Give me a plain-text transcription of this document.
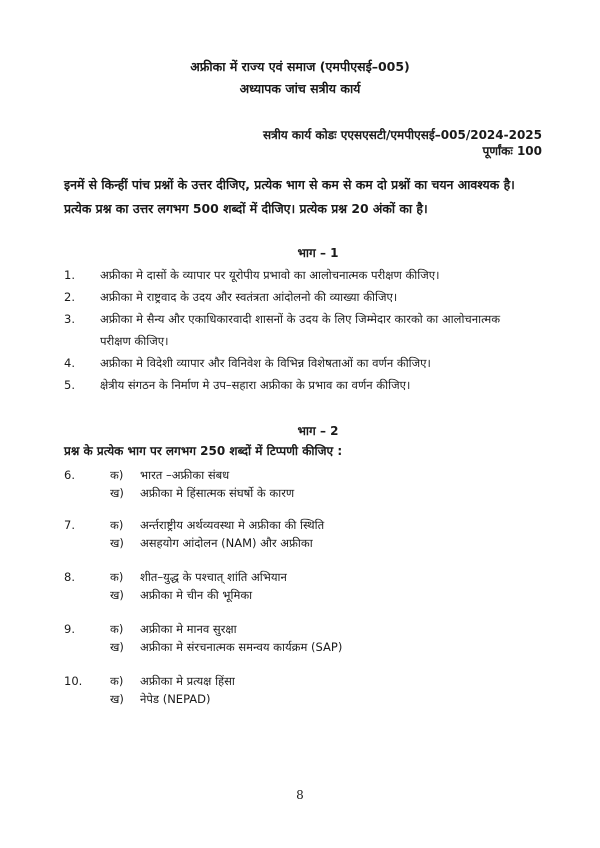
अफ्रीका में राज्य एवं समाज (एमपीएसई–005)
अध्यापक जांच सत्रीय कार्य
सत्रीय कार्य कोडः एएसएसटी/एमपीएसई–005/2024-2025
पूर्णांकः 100
इनमें से किन्हीं पांच प्रश्नों के उत्तर दीजिए, प्रत्येक भाग से कम से कम दो प्रश्नों का चयन आवश्यक है।
प्रत्येक प्रश्न का उत्तर लगभग 500 शब्दों में दीजिए। प्रत्येक प्रश्न 20 अंकों का है।
भाग – 1
1. अफ्रीका मे दासों के व्यापार पर यूरोपीय प्रभावो का आलोचनात्मक परीक्षण कीजिए।
2. अफ्रीका मे राष्ट्रवाद के उदय और स्वतंत्रता आंदोलनो की व्याख्या कीजिए।
3. अफ्रीका मे सैन्य और एकाधिकारवादी शासनों के उदय के लिए जिम्मेदार कारको का आलोचनात्मक
परीक्षण कीजिए।
4. अफ्रीका मे विदेशी व्यापार और विनिवेश के विभिन्न विशेषताओं का वर्णन कीजिए।
5. क्षेत्रीय संगठन के निर्माण मे उप–सहारा अफ्रीका के प्रभाव का वर्णन कीजिए।
भाग – 2
प्रश्न के प्रत्येक भाग पर लगभग 250 शब्दों में टिप्पणी कीजिए :
6.	क) भारत –अफ्रीका संबध
ख) अफ्रीका मे हिंसात्मक संघर्षो के कारण
7.	क) अर्न्तराष्ट्रीय अर्थव्यवस्था मे अफ्रीका की स्थिति
ख) असहयोग आंदोलन (NAM) और अफ्रीका
8.	क) शीत–युद्ध के पश्चात् शांति अभियान
ख) अफ्रीका मे चीन की भूमिका
9.	क) अफ्रीका मे मानव सुरक्षा
ख) अफ्रीका मे संरचनात्मक समन्वय कार्यक्रम (SAP)
10. क) अफ्रीका मे प्रत्यक्ष हिंसा
ख) नेपेड (NEPAD)
8
